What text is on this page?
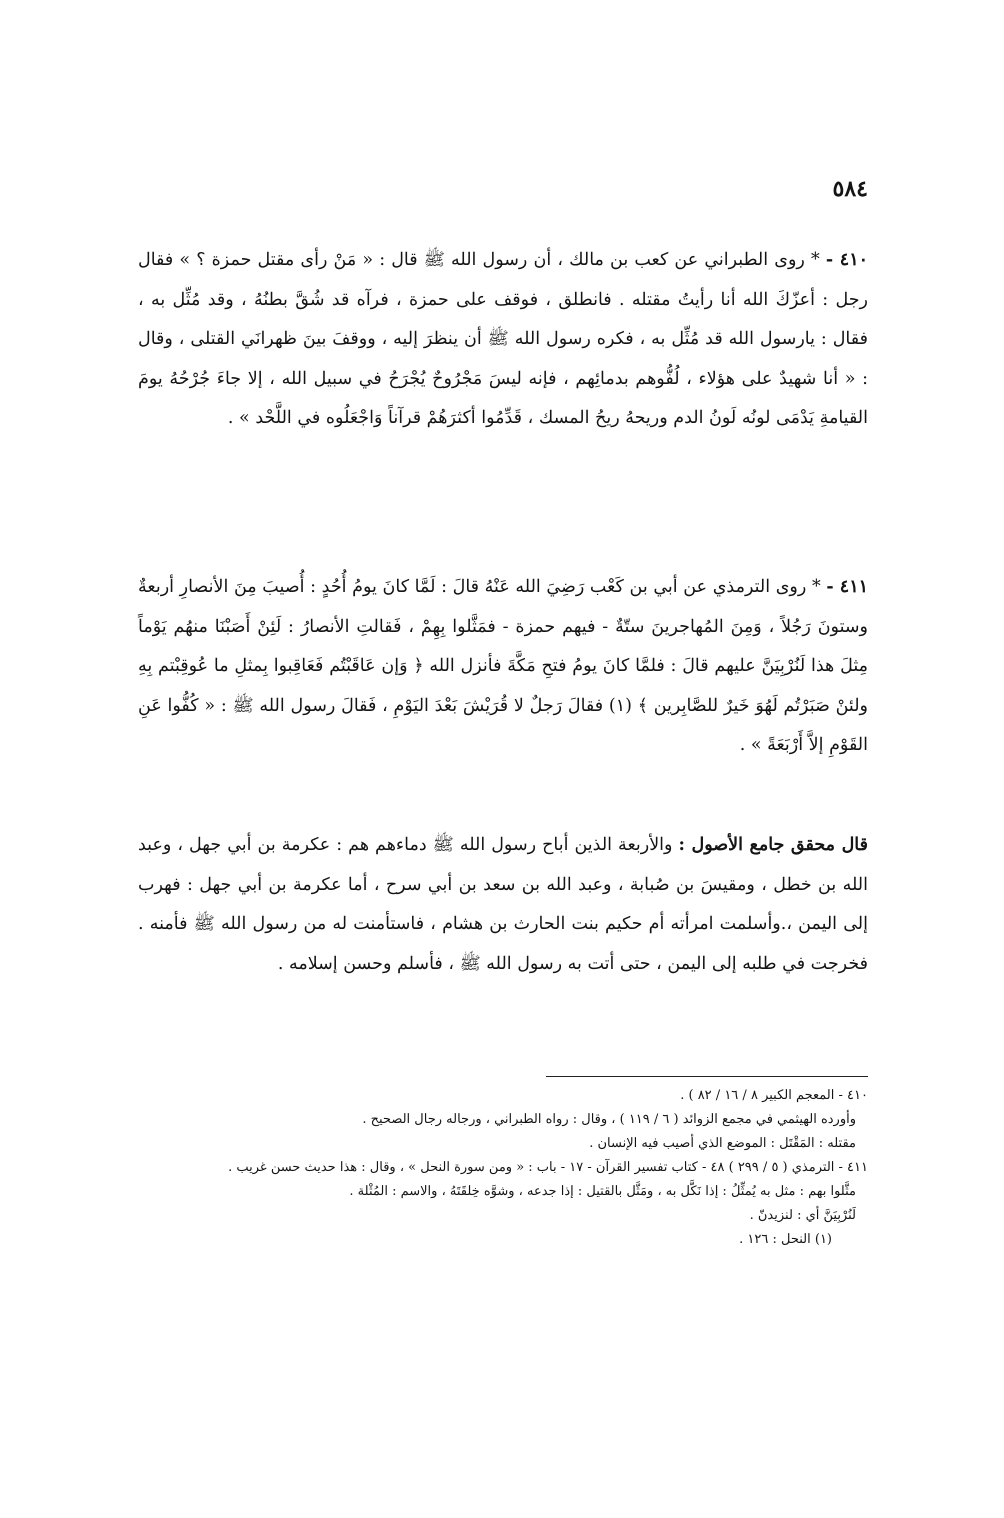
٥٨٤

٤١٠ - * روى الطبراني عن كعب بن مالك ، أن رسول الله ﷺ قال : « مَنْ رأى مقتل حمزة ؟ » فقال رجل : أعزّكَ الله أنا رأيتُ مقتله . فانطلق ، فوقف على حمزة ، فرآه قد شُقَّ بطنُهُ ، وقد مُثِّل به ، فقال : يارسول الله قد مُثِّل به ، فكره رسول الله ﷺ أن ينظرَ إليه ، ووقفَ بينَ ظهرانَي القتلى ، وقال : « أنا شهيدٌ على هؤلاء ، لُفُّوهم بدمائِهم ، فإنه ليسَ مَجْرُوحٌ يُجْرَحُ في سبيل الله ، إلا جاءَ جُرْحُهُ يومَ القيامةِ يَدْمَى لونُه لَونُ الدم وريحهُ ريحُ المسك ، قَدِّمُوا أكثرَهُمْ قرآناً وَاجْعَلُوه في اللَّحْد » .

٤١١ - * روى الترمذي عن أبي بن كَعْب رَضِيَ الله عَنْهُ قالَ : لَمَّا كانَ يومُ أُحُدٍ : أُصيبَ مِنَ الأنصارِ أربعةٌ وستونَ رَجُلاً ، وَمِنَ المُهاجرينَ ستّةٌ - فيهم حمزة - فمَثَّلوا بِهِمْ ، فَقالتِ الأنصارُ : لَئِنْ أَصَبْنَا منهُم يَوْماً مِثلَ هذا لَنُرْبِيَنَّ عليهم قالَ : فلمَّا كانَ يومُ فتحِ مَكَّةَ فأنزل الله ﴿ وَإن عَاقَبْتُم فَعَاقِبوا بِمثلِ ما عُوقِبْتم بِهِ ولئنْ صَبَرْتُم لَهُوَ خَيرٌ للصَّابِرين ﴾ (١) فقالَ رَجلٌ لا قُرَيْشَ بَعْدَ اليَوْمِ ، فَقالَ رسول الله ﷺ : « كُفُّوا عَنِ القَوْمِ إلاَّ أَرْبَعَةً » .

قال محقق جامع الأصول : والأربعة الذين أباح رسول الله ﷺ دماءهم هم : عكرمة بن أبي جهل ، وعبد الله بن خطل ، ومقيسَ بن صُبابة ، وعبد الله بن سعد بن أبي سرح ، أما عكرمة بن أبي جهل : فهرب إلى اليمن ،.وأسلمت امرأته أم حكيم بنت الحارث بن هشام ، فاستأمنت له من رسول الله ﷺ فأمنه . فخرجت في طلبه إلى اليمن ، حتى أتت به رسول الله ﷺ ، فأسلم وحسن إسلامه .

٤١٠ - المعجم الكبير ٨ / ١٦ / ٨٢ ) .

وأورده الهيثمي في مجمع الزوائد ( ٦ / ١١٩ ) ، وقال : رواه الطبراني ، ورجاله رجال الصحيح .

مقتله : المَقْتَل : الموضع الذي أصيب فيه الإنسان .

٤١١ - الترمذي ( ٥ / ٢٩٩ ) ٤٨ - كتاب تفسير القرآن - ١٧ - باب : « ومن سورة النحل » ، وقال : هذا حديث حسن غريب .

مثَّلوا بهم : مثل به يُمثِّلُ : إذا نَكَّل به ، ومَثَّل بالقتيل : إذا جدعه ، وشوَّه خِلقَتَهُ ، والاسم : المُثْلة .

لَنُرْبِيَنَّ أي : لنزيدنّ .

(١) النحل : ١٢٦ .
